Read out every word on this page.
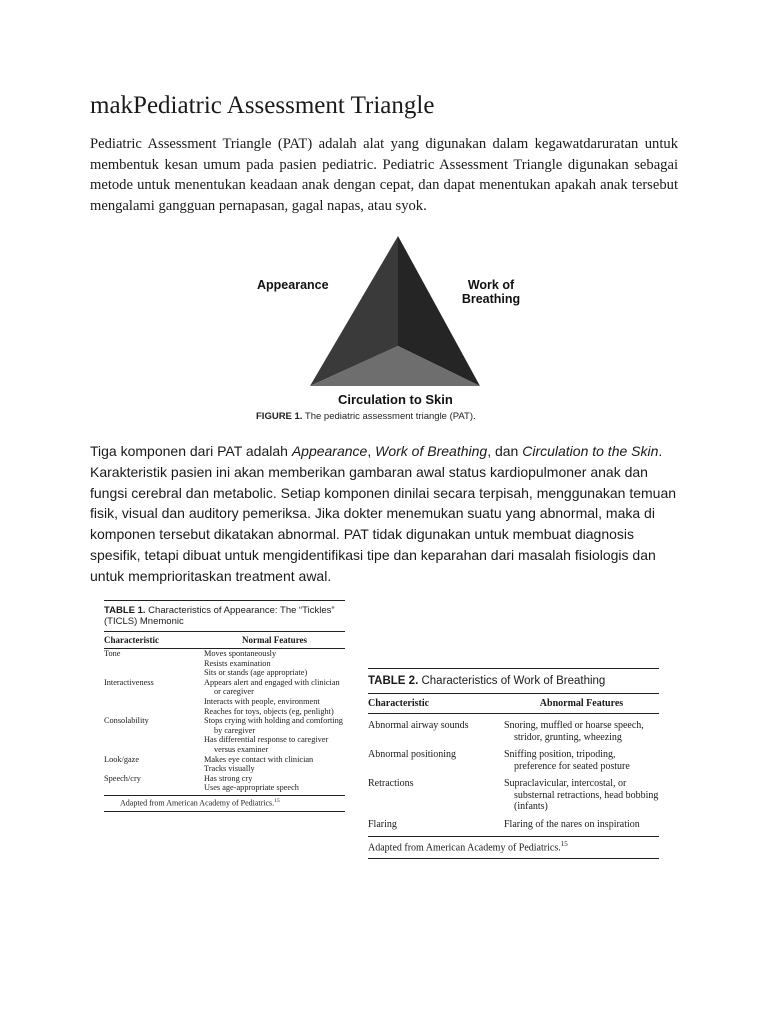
makPediatric Assessment Triangle

Pediatric Assessment Triangle (PAT) adalah alat yang digunakan dalam kegawatdaruratan untuk membentuk kesan umum pada pasien pediatric. Pediatric Assessment Triangle digunakan sebagai metode untuk menentukan keadaan anak dengan cepat, dan dapat menentukan apakah anak tersebut mengalami gangguan pernapasan, gagal napas, atau syok.

Appearance	Work of
Breathing
Circulation to Skin
FIGURE 1. The pediatric assessment triangle (PAT).

Tiga komponen dari PAT adalah Appearance, Work of Breathing, dan Circulation to the Skin. Karakteristik pasien ini akan memberikan gambaran awal status kardiopulmoner anak dan fungsi cerebral dan metabolic. Setiap komponen dinilai secara terpisah, menggunakan temuan fisik, visual dan auditory pemeriksa. Jika dokter menemukan suatu yang abnormal, maka di komponen tersebut dikatakan abnormal. PAT tidak digunakan untuk membuat diagnosis spesifik, tetapi dibuat untuk mengidentifikasi tipe dan keparahan dari masalah fisiologis dan untuk memprioritaskan treatment awal.

TABLE 1. Characteristics of Appearance: The “Tickles” (TICLS) Mnemonic
Characteristic	Normal Features
Tone	Moves spontaneously
Resists examination
Sits or stands (age appropriate)
Interactiveness	Appears alert and engaged with clinician or caregiver
Interacts with people, environment
Reaches for toys, objects (eg, penlight)
Consolability	Stops crying with holding and comforting by caregiver
Has differential response to caregiver versus examiner
Look/gaze	Makes eye contact with clinician
Tracks visually
Speech/cry	Has strong cry
Uses age-appropriate speech
Adapted from American Academy of Pediatrics.$^{15}$
TABLE 2. Characteristics of Work of Breathing
Characteristic	Abnormal Features
Abnormal airway sounds	Snoring, muffled or hoarse speech, stridor, grunting, wheezing
Abnormal positioning	Sniffing position, tripoding, preference for seated posture
Retractions	Supraclavicular, intercostal, or substernal retractions, head bobbing (infants)
Flaring	Flaring of the nares on inspiration
Adapted from American Academy of Pediatrics.$^{15}$
